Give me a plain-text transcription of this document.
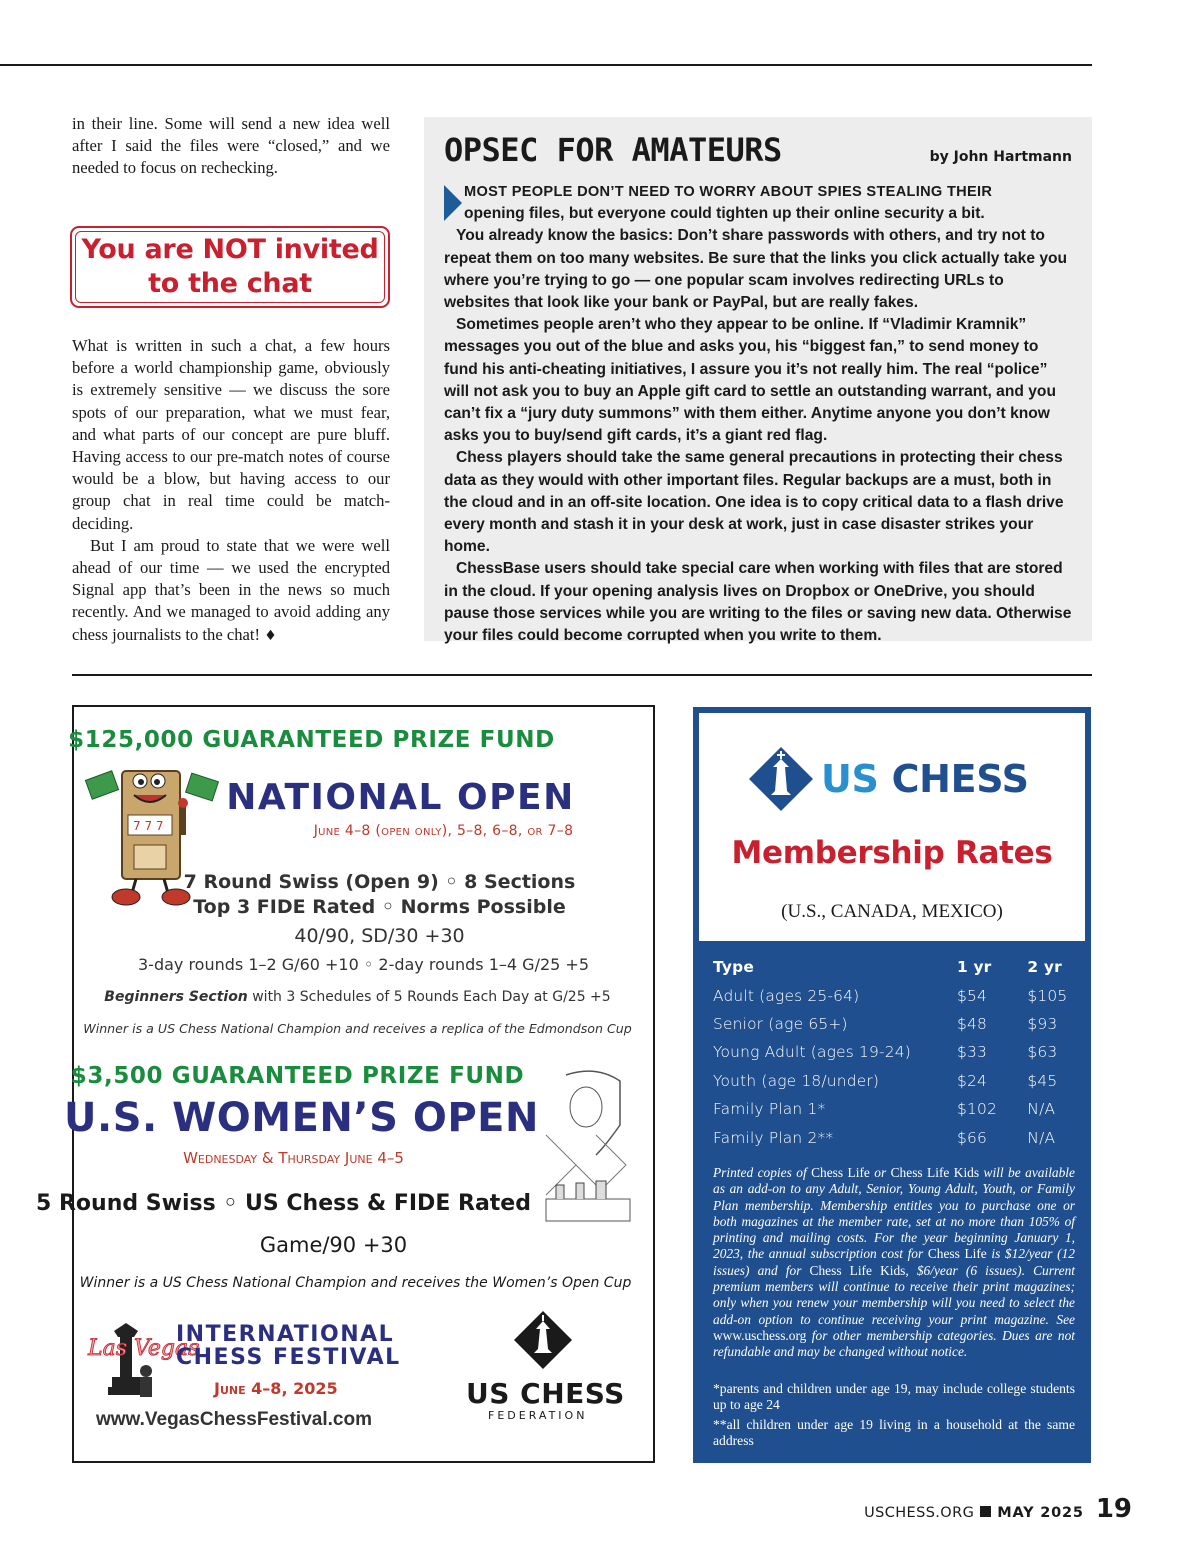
in their line. Some will send a new idea well after I said the files were “closed,” and we needed to focus on rechecking.

You are NOT invited
to the chat

What is written in such a chat, a few hours before a world championship game, obviously is extremely sensitive — we discuss the sore spots of our preparation, what we must fear, and what parts of our concept are pure bluff. Having access to our pre-match notes of course would be a blow, but having access to our group chat in real time could be match-deciding.

But I am proud to state that we were well ahead of our time — we used the encrypted Signal app that’s been in the news so much recently. And we managed to avoid adding any chess journalists to the chat! ♦

OPSEC FOR AMATEURS	by John Hartmann

MOST PEOPLE DON’T NEED TO WORRY ABOUT SPIES STEALING THEIR
opening files, but everyone could tighten up their online security a bit.

You already know the basics: Don’t share passwords with others, and try not to repeat them on too many websites. Be sure that the links you click actually take you where you’re trying to go — one popular scam involves redirecting URLs to websites that look like your bank or PayPal, but are really fakes.

Sometimes people aren’t who they appear to be online. If “Vladimir Kramnik” messages you out of the blue and asks you, his “biggest fan,” to send money to fund his anti-cheating initiatives, I assure you it’s not really him. The real “police” will not ask you to buy an Apple gift card to settle an outstanding warrant, and you can’t fix a “jury duty summons” with them either. Anytime anyone you don’t know asks you to buy/send gift cards, it’s a giant red flag.

Chess players should take the same general precautions in protecting their chess data as they would with other important files. Regular backups are a must, both in the cloud and in an off-site location. One idea is to copy critical data to a flash drive every month and stash it in your desk at work, just in case disaster strikes your home.

ChessBase users should take special care when working with files that are stored in the cloud. If your opening analysis lives on Dropbox or OneDrive, you should pause those services while you are writing to the files or saving new data. Otherwise your files could become corrupted when you write to them.

$125,000 GUARANTEED PRIZE FUND
7 7 7
NATIONAL OPEN
June 4–8 (open only), 5–8, 6–8, or 7–8
7 Round Swiss (Open 9) ◦ 8 Sections
Top 3 FIDE Rated ◦ Norms Possible
40/90, SD/30 +30
3-day rounds 1–2 G/60 +10 ◦ 2-day rounds 1–4 G/25 +5
Beginners Section with 3 Schedules of 5 Rounds Each Day at G/25 +5
Winner is a US Chess National Champion and receives a replica of the Edmondson Cup
$3,500 GUARANTEED PRIZE FUND
U.S. WOMEN’S OPEN
Wednesday & Thursday June 4–5
5 Round Swiss ◦ US Chess & FIDE Rated
Game/90 +30
Winner is a US Chess National Champion and receives the Women’s Open Cup
Las Vegas
INTERNATIONAL
CHESS FESTIVAL
June 4–8, 2025
www.VegasChessFestival.com
US CHESS
FEDERATION
US CHESS
Membership Rates
(U.S., CANADA, MEXICO)
Type	1 yr	2 yr
Adult (ages 25-64)	$54	$105
Senior (age 65+)	$48	$93
Young Adult (ages 19-24)	$33	$63
Youth (age 18/under)	$24	$45
Family Plan 1*	$102	N/A
Family Plan 2**	$66	N/A
Printed copies of Chess Life or Chess Life Kids will be available as an add-on to any Adult, Senior, Young Adult, Youth, or Family Plan membership. Membership entitles you to purchase one or both magazines at the member rate, set at no more than 105% of printing and mailing costs. For the year beginning January 1, 2023, the annual subscription cost for Chess Life is $12/year (12 issues) and for Chess Life Kids, $6/year (6 issues). Current premium members will continue to receive their print magazines; only when you renew your membership will you need to select the add-on option to continue receiving your print magazine. See www.uschess.org for other membership categories. Dues are not refundable and may be changed without notice.
*parents and children under age 19, may include college students up to age 24
**all children under age 19 living in a household at the same address
USCHESS.ORG MAY 2025 19
